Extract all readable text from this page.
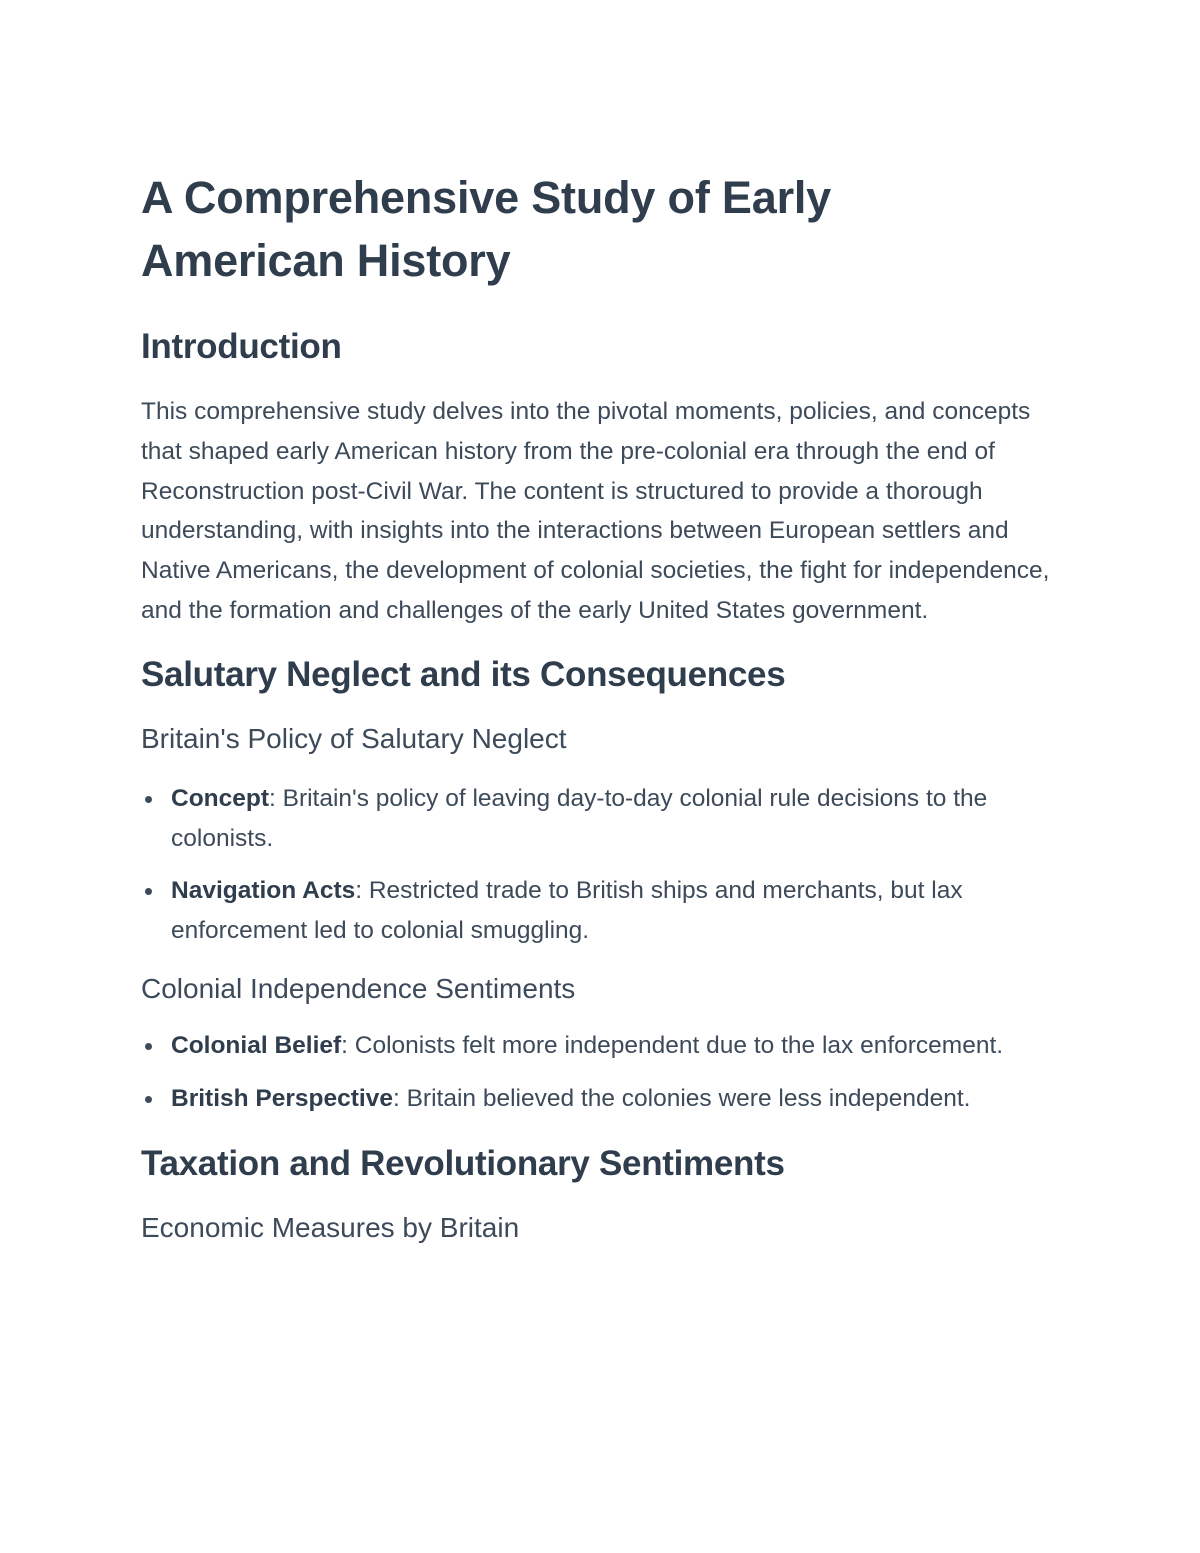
A Comprehensive Study of Early American History
Introduction

This comprehensive study delves into the pivotal moments, policies, and concepts that shaped early American history from the pre-colonial era through the end of Reconstruction post-Civil War. The content is structured to provide a thorough understanding, with insights into the interactions between European settlers and Native Americans, the development of colonial societies, the fight for independence, and the formation and challenges of the early United States government.

Salutary Neglect and its Consequences
Britain's Policy of Salutary Neglect
Concept: Britain's policy of leaving day-to-day colonial rule decisions to the colonists.
Navigation Acts: Restricted trade to British ships and merchants, but lax enforcement led to colonial smuggling.
Colonial Independence Sentiments
Colonial Belief: Colonists felt more independent due to the lax enforcement.
British Perspective: Britain believed the colonies were less independent.
Taxation and Revolutionary Sentiments
Economic Measures by Britain
